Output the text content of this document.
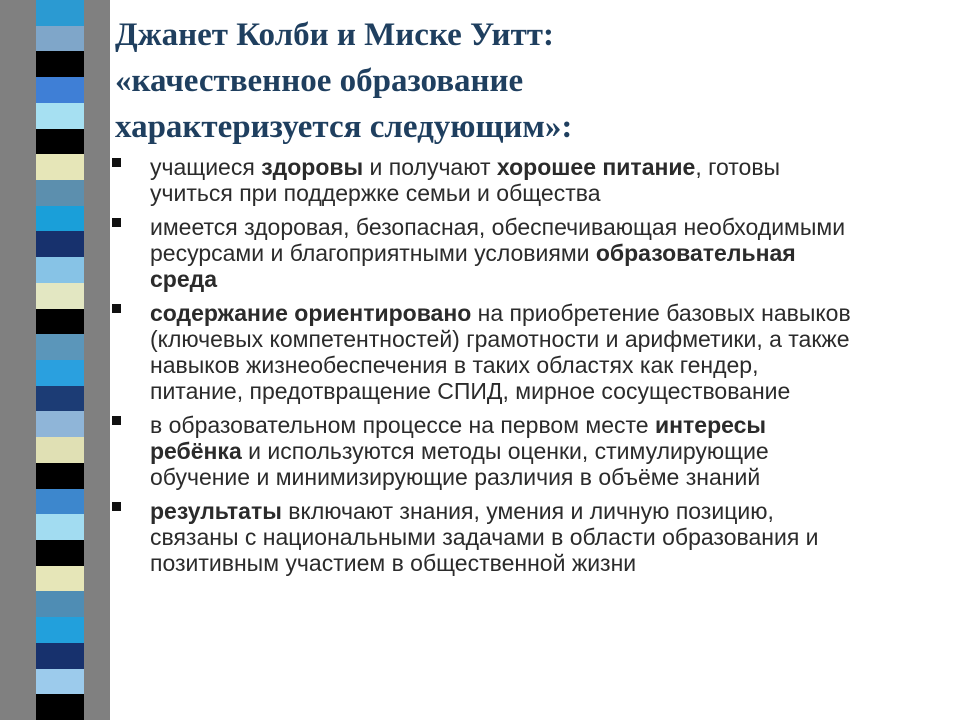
Джанет Колби и Миске Уитт:
«качественное образование
характеризуется следующим»:
учащиеся здоровы и получают хорошее питание, готовы учиться при поддержке семьи и общества
имеется здоровая, безопасная, обеспечивающая необходимыми ресурсами и благоприятными условиями образовательная среда
содержание ориентировано на приобретение базовых навыков (ключевых компетентностей) грамотности и арифметики, а также навыков жизнеобеспечения в таких областях как гендер, питание, предотвращение СПИД, мирное сосуществование
в образовательном процессе на первом месте интересы ребёнка и используются методы оценки, стимулирующие обучение и минимизирующие различия в объёме знаний
результаты включают знания, умения и личную позицию, связаны с национальными задачами в области образования и позитивным участием в общественной жизни
